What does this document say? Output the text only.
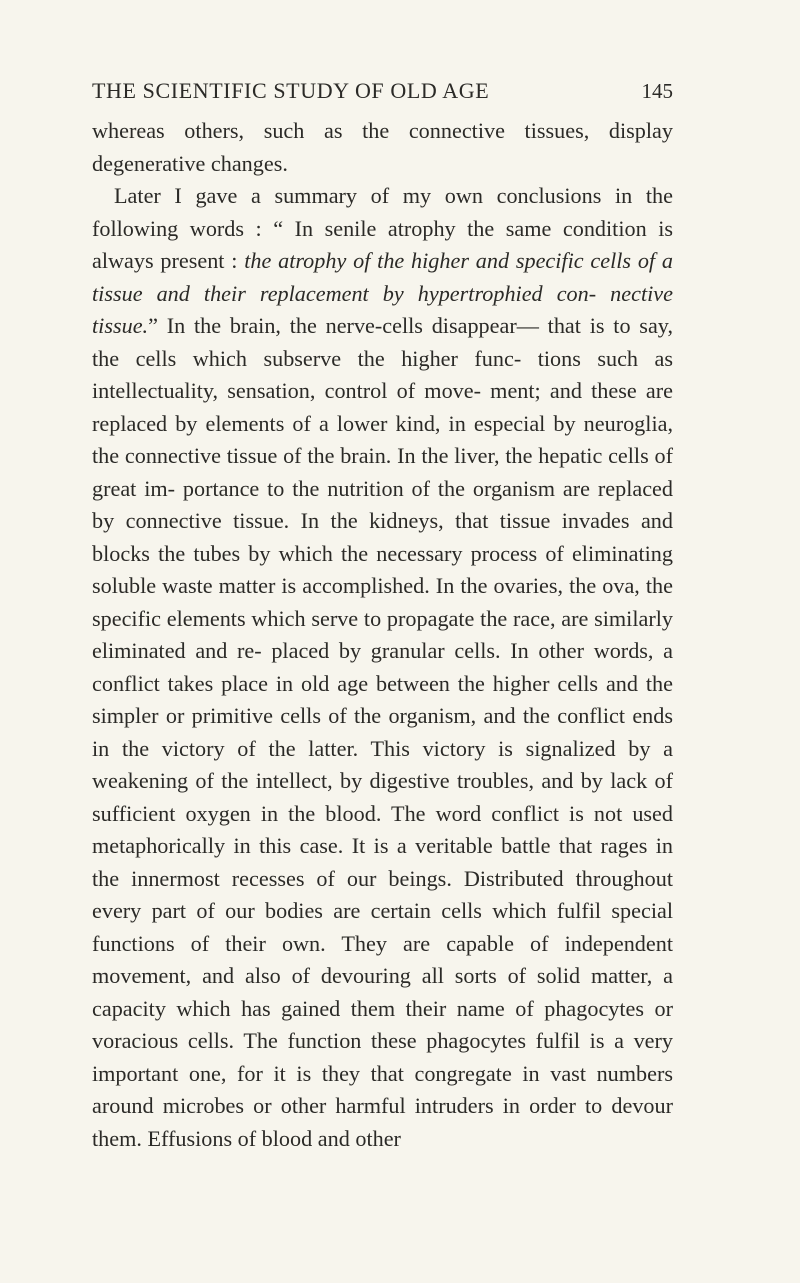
THE SCIENTIFIC STUDY OF OLD AGE	145

whereas others, such as the connective tissues, display degenerative changes.

Later I gave a summary of my own conclusions in the following words : “ In senile atrophy the same condition is always present : the atrophy of the higher and specific cells of a tissue and their replacement by hypertrophied con- nective tissue.” In the brain, the nerve-cells disappear— that is to say, the cells which subserve the higher func- tions such as intellectuality, sensation, control of move- ment; and these are replaced by elements of a lower kind, in especial by neuroglia, the connective tissue of the brain. In the liver, the hepatic cells of great im- portance to the nutrition of the organism are replaced by connective tissue. In the kidneys, that tissue invades and blocks the tubes by which the necessary process of eliminating soluble waste matter is accomplished. In the ovaries, the ova, the specific elements which serve to propagate the race, are similarly eliminated and re- placed by granular cells. In other words, a conflict takes place in old age between the higher cells and the simpler or primitive cells of the organism, and the conflict ends in the victory of the latter. This victory is signalized by a weakening of the intellect, by digestive troubles, and by lack of sufficient oxygen in the blood. The word conflict is not used metaphorically in this case. It is a veritable battle that rages in the innermost recesses of our beings. Distributed throughout every part of our bodies are certain cells which fulfil special functions of their own. They are capable of independent movement, and also of devouring all sorts of solid matter, a capacity which has gained them their name of phagocytes or voracious cells. The function these phagocytes fulfil is a very important one, for it is they that congregate in vast numbers around microbes or other harmful intruders in order to devour them. Effusions of blood and other
